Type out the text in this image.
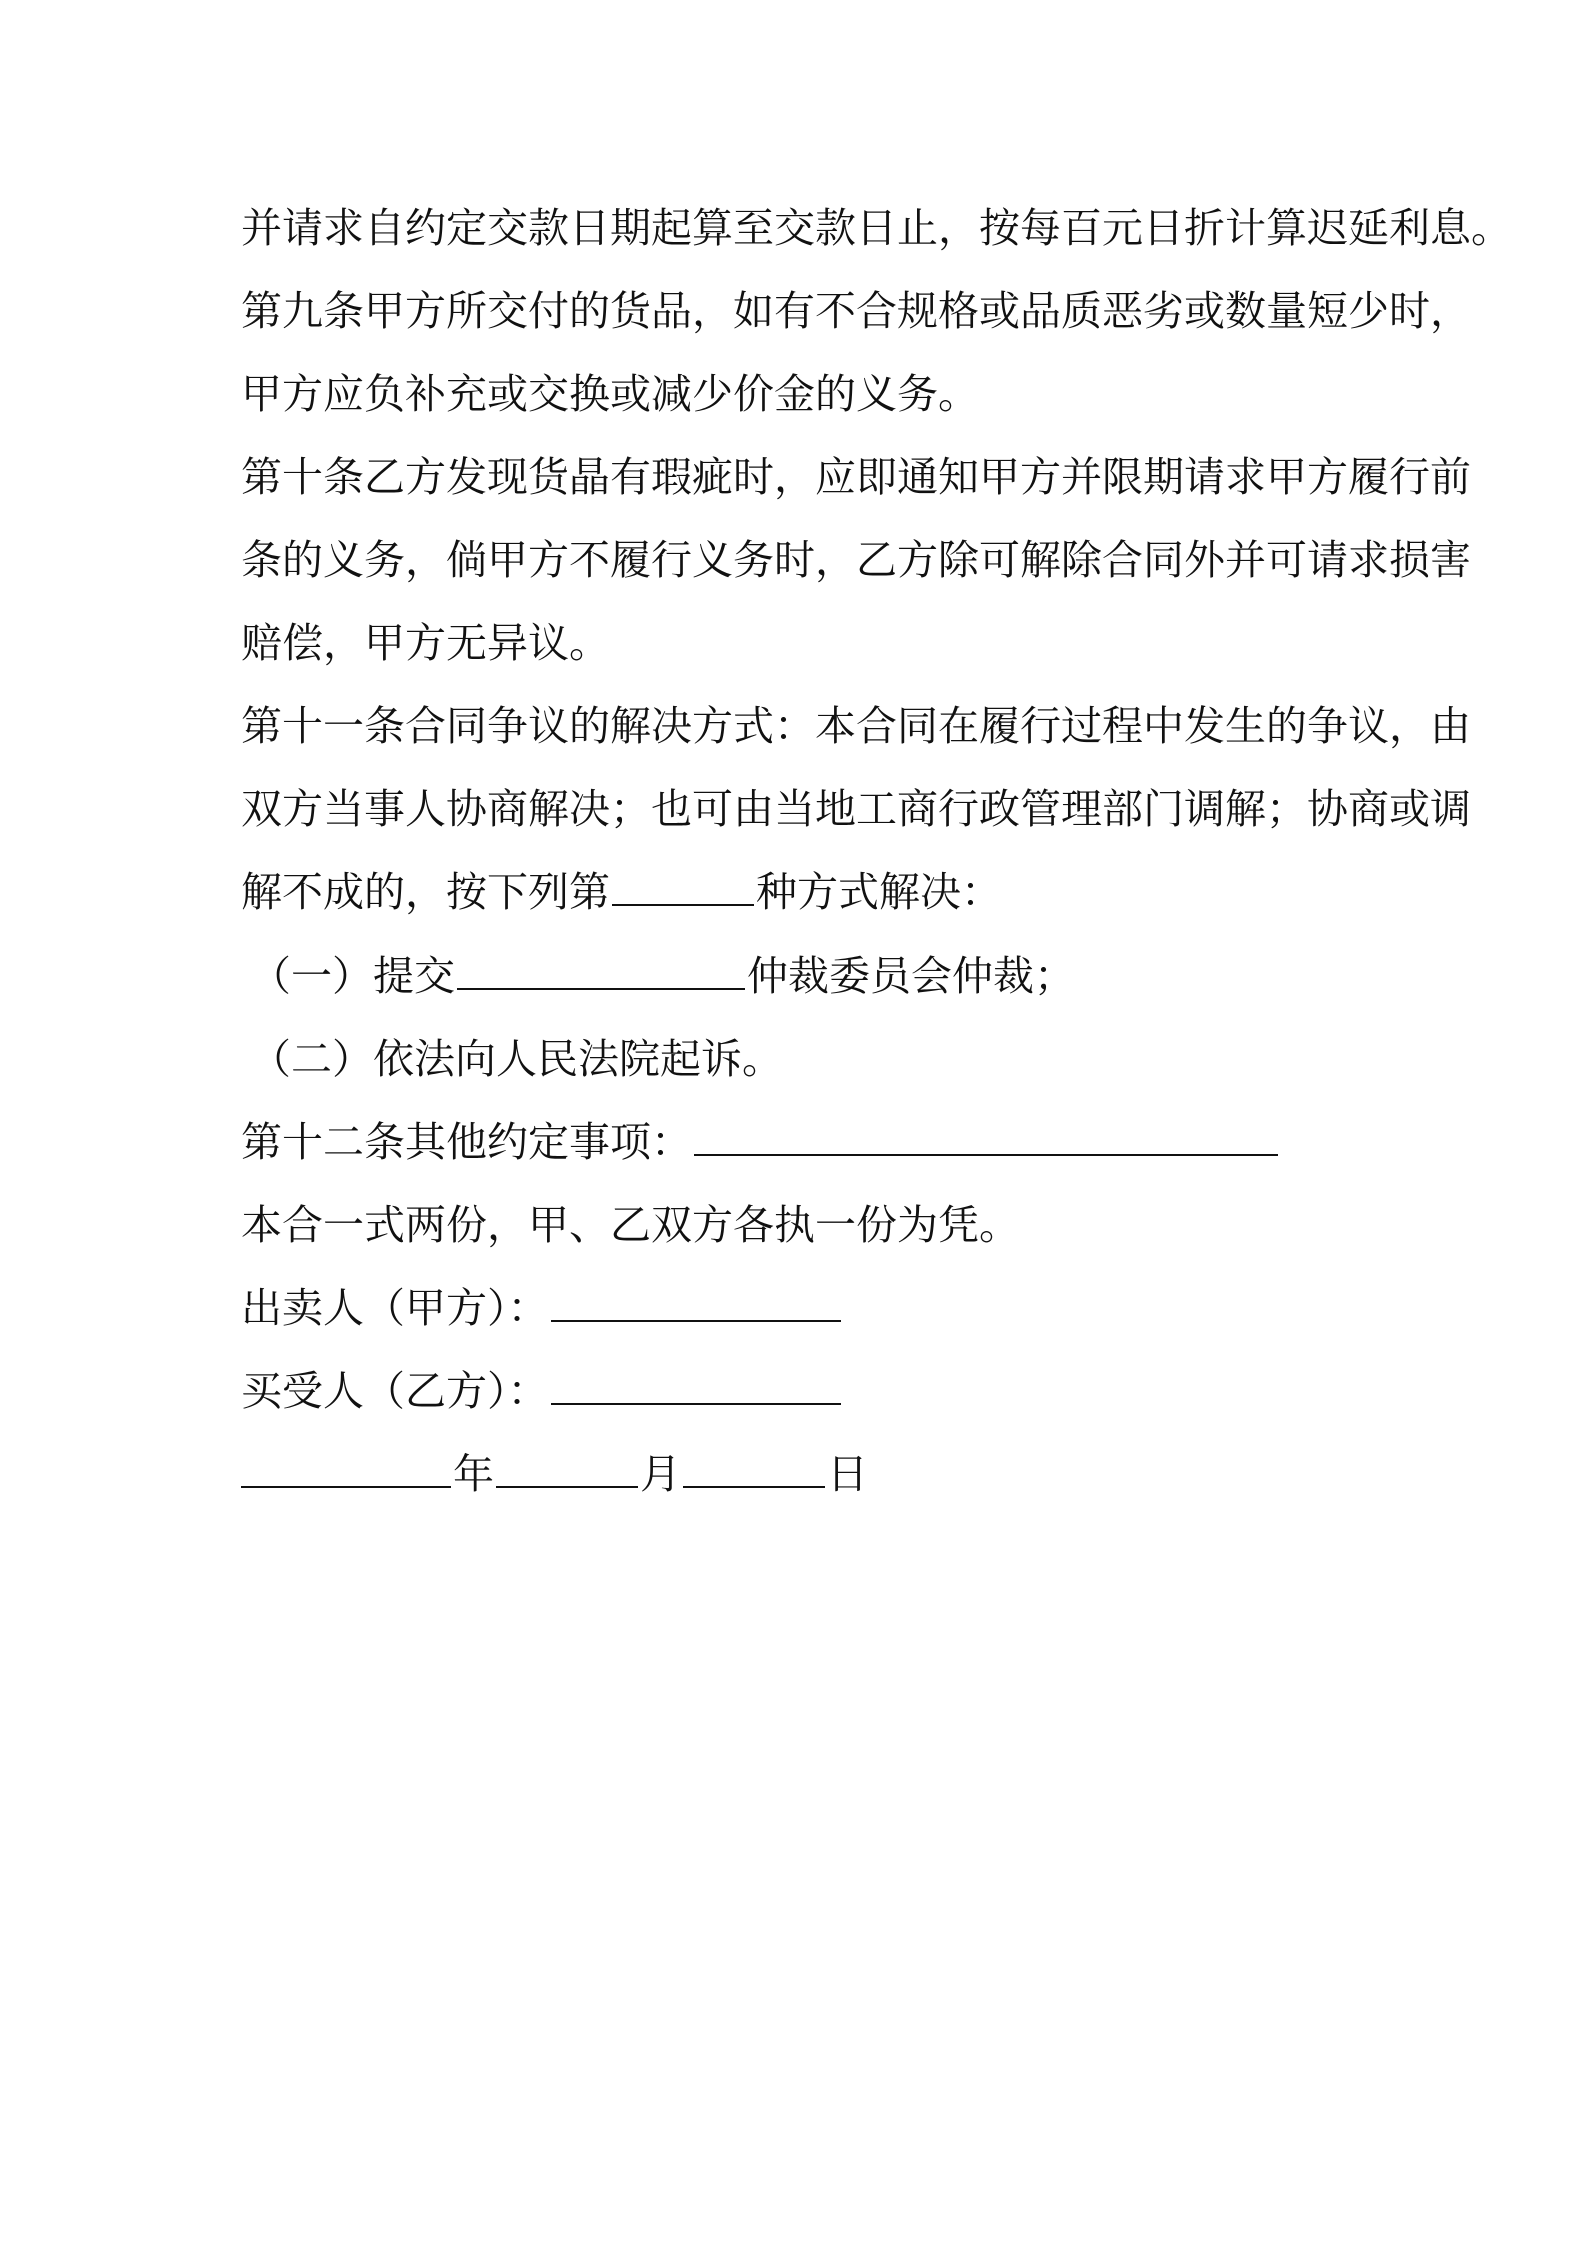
并请求自约定交款日期起算至交款日止，按每百元日折计算迟延利息。
第九条甲方所交付的货品，如有不合规格或品质恶劣或数量短少时，
甲方应负补充或交换或减少价金的义务。
第十条乙方发现货晶有瑕疵时，应即通知甲方并限期请求甲方履行前
条的义务，倘甲方不履行义务时，乙方除可解除合同外并可请求损害
赔偿，甲方无异议。
第十一条合同争议的解决方式：本合同在履行过程中发生的争议，由
双方当事人协商解决；也可由当地工商行政管理部门调解；协商或调
解不成的，按下列第	种方式解决：
（一）提交	仲裁委员会仲裁；
（二）依法向人民法院起诉。
第十二条其他约定事项：
本合一式两份，甲、乙双方各执一份为凭。
出卖人（甲方）：
买受人（乙方）：
年	月	日
